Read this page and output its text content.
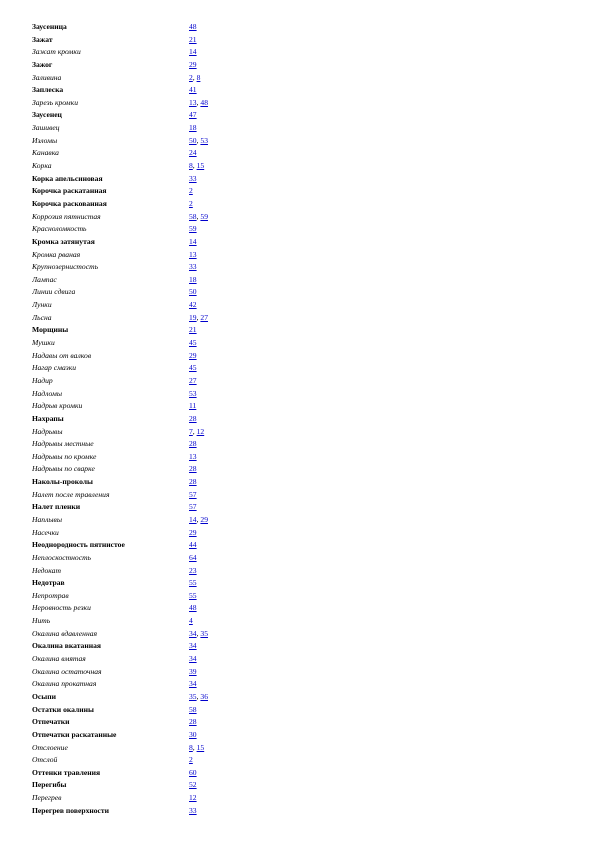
Заусеница	48
Зажат	21
Зажат кромки	14
Зажог	29
Заливина	2, 8
Заплеска	41
Зарезь кромки	13, 48
Заусенец	47
Зашивец	18
Изломы	50, 53
Канавка	24
Корка	8, 15
Корка апельсиновая	33
Корочка раскатанная	2
Корочка раскованная	2
Коррозия пятнистая	58, 59
Красноломкость	59
Кромка затянутая	14
Кромка рваная	13
Крупнозернистость	33
Лампас	18
Линии сдвига	50
Лунки	42
Льсна	19, 27
Морщины	21
Мушки	45
Надавы от валков	29
Нагар смазки	45
Надир	27
Надломы	53
Надрыв кромки	11
Нахрапы	28
Надрывы	7, 12
Надрывы местные	28
Надрывы по кромке	13
Надрывы по сварке	28
Наколы-проколы	28
Налет после травления	57
Налет пленки	57
Наплывы	14, 29
Насечки	29
Неоднородность пятнистое	44
Неплоскостность	64
Недокат	23
Недотрав	55
Непротрав	55
Неровность резки	48
Нить	4
Окалина вдавленная	34, 35
Окалина вкатанная	34
Окалина вмятая	34
Окалина остаточная	39
Окалина прокатная	34
Осыпи	35, 36
Остатки окалины	58
Отпечатки	28
Отпечатки раскатанные	30
Отслоение	8, 15
Отслой	2
Оттенки травления	60
Перегибы	52
Перегрев	12
Перегрев поверхности	33
